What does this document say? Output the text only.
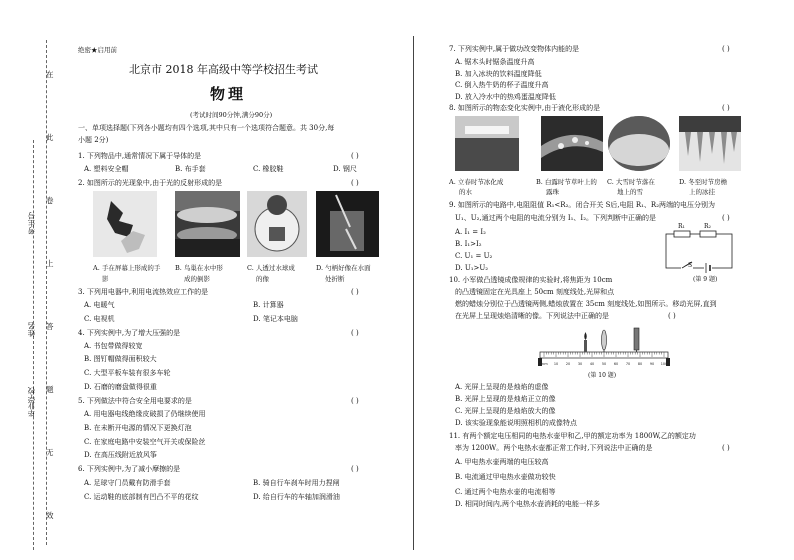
在
此
卷
上
答
题
无
效
考生号
姓名
毕业学校
绝密★启用前
北京市 2018 年高级中等学校招生考试
物理
(考试时间90分钟,满分90分)
一、单项选择题(下列各小题均有四个选项,其中只有一个选项符合题意。共 30分,每
小题 2分)
1. 下列物品中,通常情况下属于导体的是	( )
A. 塑料安全帽	B. 布手套	C. 橡胶鞋	D. 钢尺
2. 如图所示的光现象中,由于光的反射形成的是	( )
A. 手在屏幕上形成的手
影
B. 鸟巢在水中形
成的倒影
C. 人透过水球成
的像
D. 勺柄好像在水面
处折断
3. 下列用电器中,利用电流热效应工作的是	( )
A. 电暖气	B. 计算器
C. 电视机	D. 笔记本电脑
4. 下列实例中,为了增大压强的是	( )
A. 书包带做得较宽
B. 图钉帽做得面积较大
C. 大型平板车装有很多车轮
D. 石磨的磨盘做得很重
5. 下列做法中符合安全用电要求的是	( )
A. 用电器电线绝缘皮破损了仍继续使用
B. 在未断开电源的情况下更换灯泡
C. 在家庭电路中安装空气开关或保险丝
D. 在高压线附近放风筝
6. 下列实例中,为了减小摩擦的是	( )
A. 足球守门员戴有防滑手套	B. 骑自行车刹车时用力捏闸
C. 运动鞋的底部制有凹凸不平的花纹	D. 给自行车的车轴加润滑油
7. 下列实例中,属于做功改变物体内能的是	( )
A. 锯木头时锯条温度升高
B. 加入冰块的饮料温度降低
C. 倒入热牛奶的杯子温度升高
D. 放入冷水中的热鸡蛋温度降低
8. 如图所示的物态变化实例中,由于液化形成的是	( )
A. 立春时节冰化成
的水
B. 白露时节草叶上的
露珠
C. 大雪时节落在
地上的雪
D. 冬至时节房檐
上的冰挂
9. 如图所示的电路中,电阻阻值 R₁<R₂。闭合开关 S后,电阻 R₁、R₂两端的电压分别为
U₁、U₂,通过两个电阻的电流分别为 I₁、I₂。下列判断中正确的是	( )
A. I₁ = I₂
B. I₁>I₂
C. U₁ = U₂
D. U₁>U₂
R₁	R₂
S
(第 9 题)
10. 小军做凸透镜成像规律的实验时,将焦距为 10cm
的凸透镜固定在光具座上 50cm 刻度线处,光屏和点
燃的蜡烛分别位于凸透镜两侧,蜡烛放置在 35cm 刻度线处,如图所示。移动光屏,直到
在光屏上呈现烛焰清晰的像。下列说法中正确的是	( )
0cm 10 20 30 40 50 60 70 80 90 100
(第 10 题)
A. 光屏上呈现的是烛焰的虚像
B. 光屏上呈现的是烛焰正立的像
C. 光屏上呈现的是烛焰放大的像
D. 该实验现象能说明照相机的成像特点
11. 有两个额定电压相同的电热水壶甲和乙,甲的额定功率为 1800W,乙的额定功
率为 1200W。两个电热水壶都正常工作时,下列说法中正确的是	( )
A. 甲电热水壶两端的电压较高
B. 电流通过甲电热水壶做功较快
C. 通过两个电热水壶的电流相等
D. 相同时间内,两个电热水壶消耗的电能一样多
